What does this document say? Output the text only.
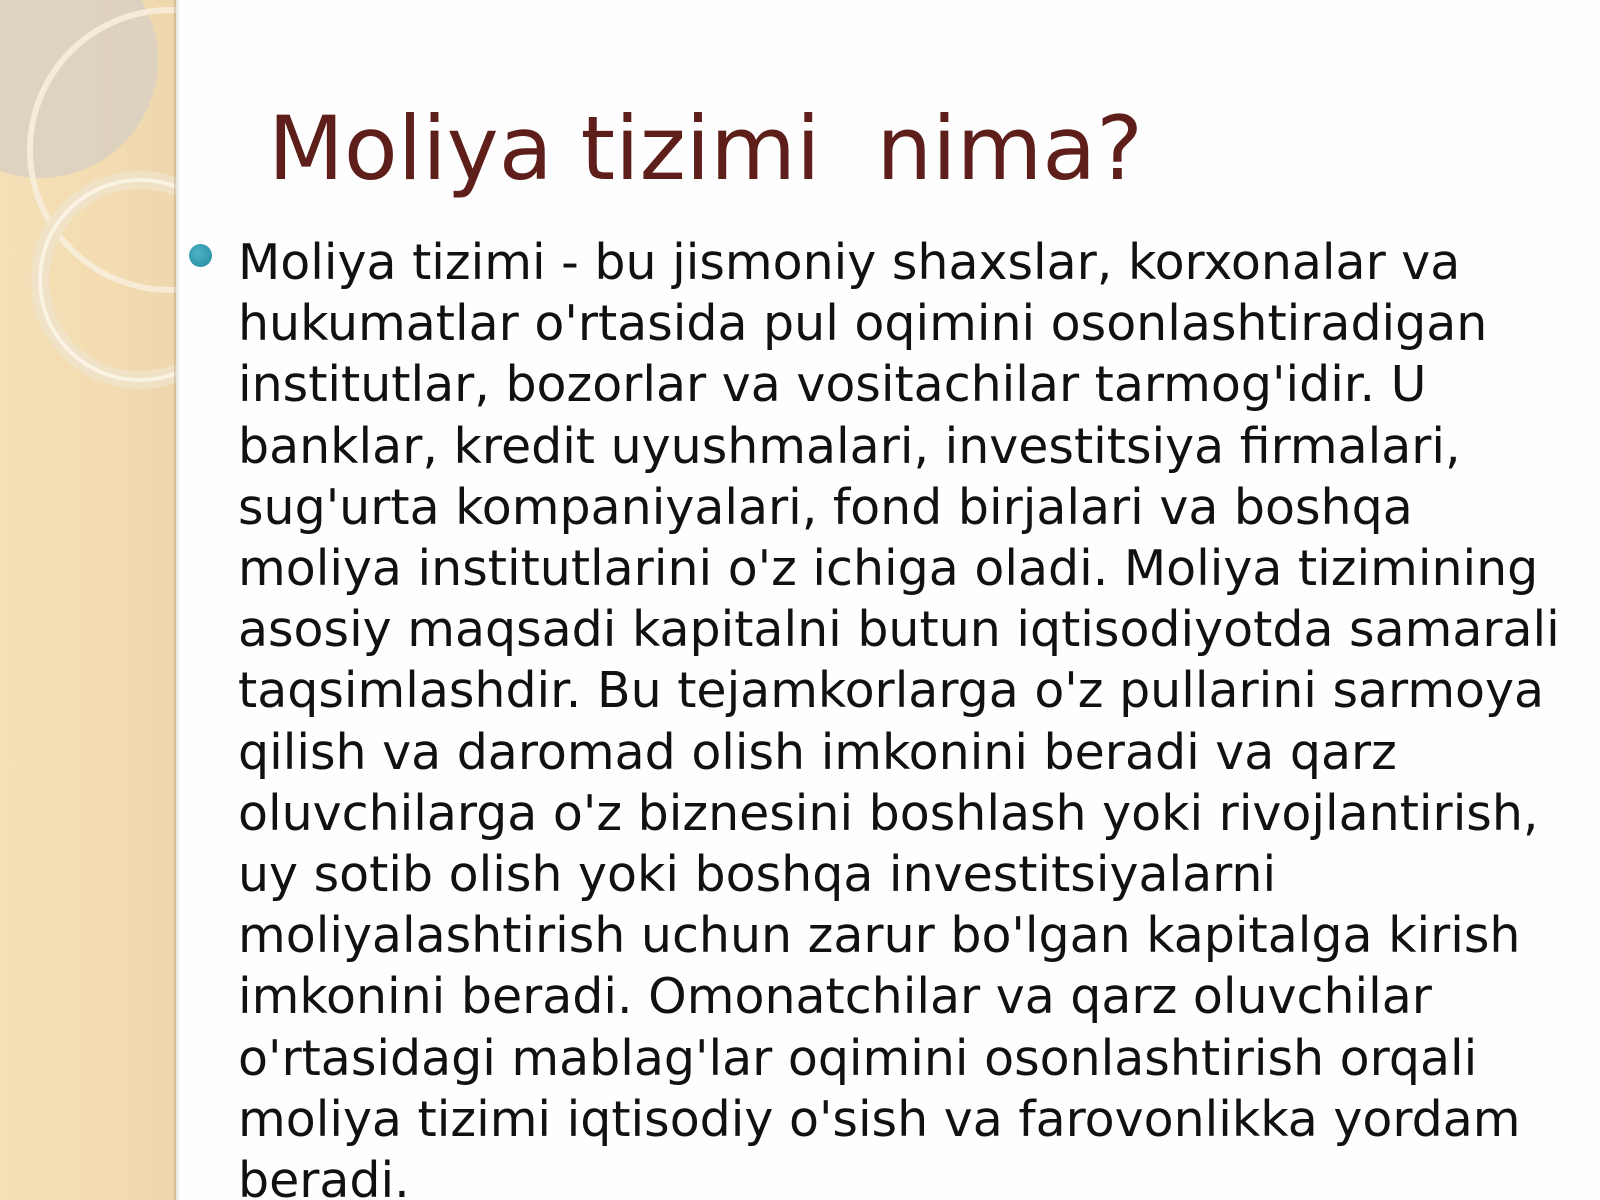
Moliya tizimi  nima?

Moliya tizimi - bu jismoniy shaxslar, korxonalar va
hukumatlar o'rtasida pul oqimini osonlashtiradigan
institutlar, bozorlar va vositachilar tarmog'idir. U
banklar, kredit uyushmalari, investitsiya firmalari,
sug'urta kompaniyalari, fond birjalari va boshqa
moliya institutlarini o'z ichiga oladi. Moliya tizimining
asosiy maqsadi kapitalni butun iqtisodiyotda samarali
taqsimlashdir. Bu tejamkorlarga o'z pullarini sarmoya
qilish va daromad olish imkonini beradi va qarz
oluvchilarga o'z biznesini boshlash yoki rivojlantirish,
uy sotib olish yoki boshqa investitsiyalarni
moliyalashtirish uchun zarur bo'lgan kapitalga kirish
imkonini beradi. Omonatchilar va qarz oluvchilar
o'rtasidagi mablag'lar oqimini osonlashtirish orqali
moliya tizimi iqtisodiy o'sish va farovonlikka yordam
beradi.
